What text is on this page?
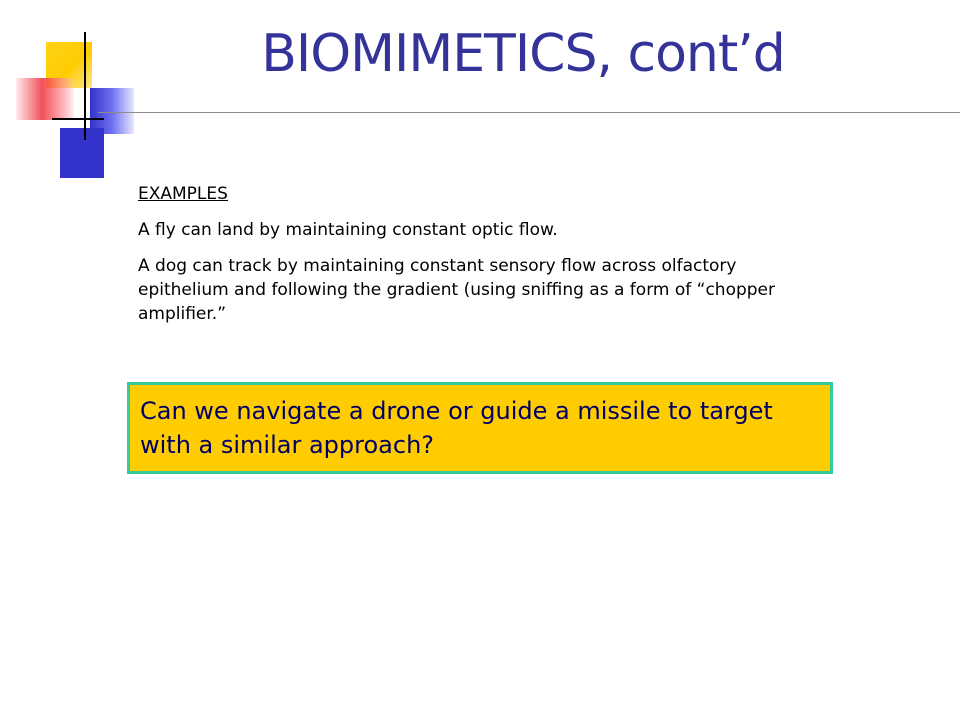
BIOMIMETICS, cont’d

EXAMPLES

A fly can land by maintaining constant optic flow.

A dog can track by maintaining constant sensory flow across olfactory epithelium and following the gradient (using sniffing as a form of “chopper amplifier.”

Can we navigate a drone or guide a missile to target with a similar approach?
